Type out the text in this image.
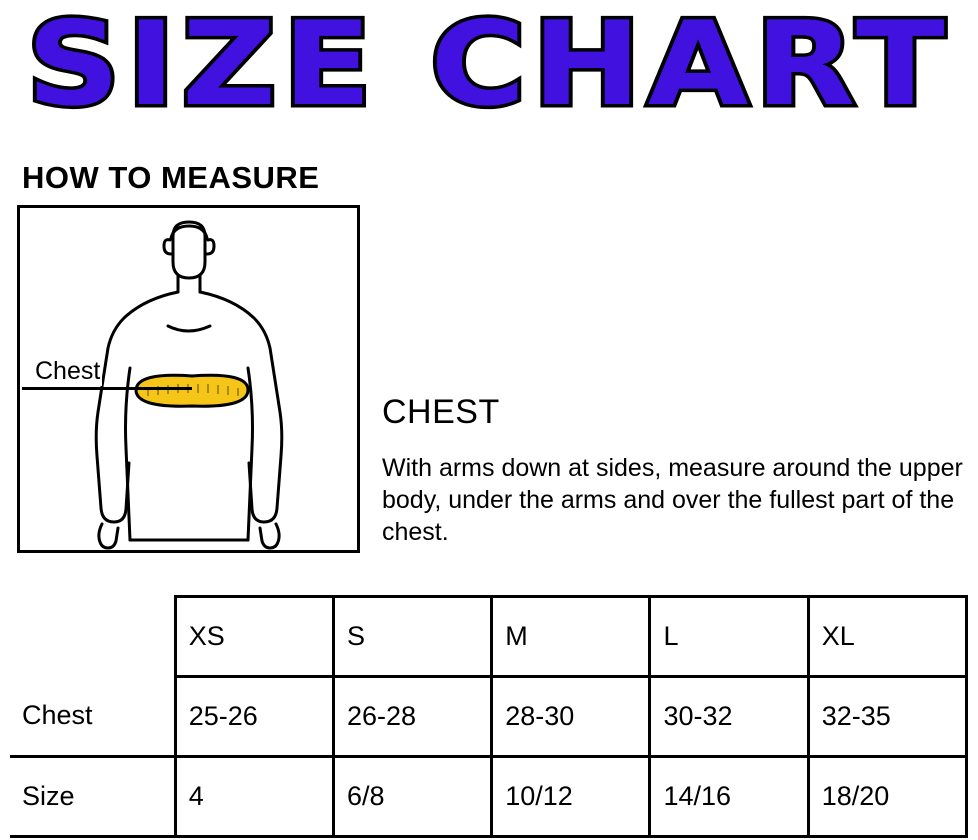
SIZE CHART
HOW TO MEASURE
Chest
CHEST
With arms down at sides, measure around the upper body, under the arms and over the fullest part of the chest.
	XS	S	M	L	XL
Chest	25-26	26-28	28-30	30-32	32-35
Size	4	6/8	10/12	14/16	18/20
